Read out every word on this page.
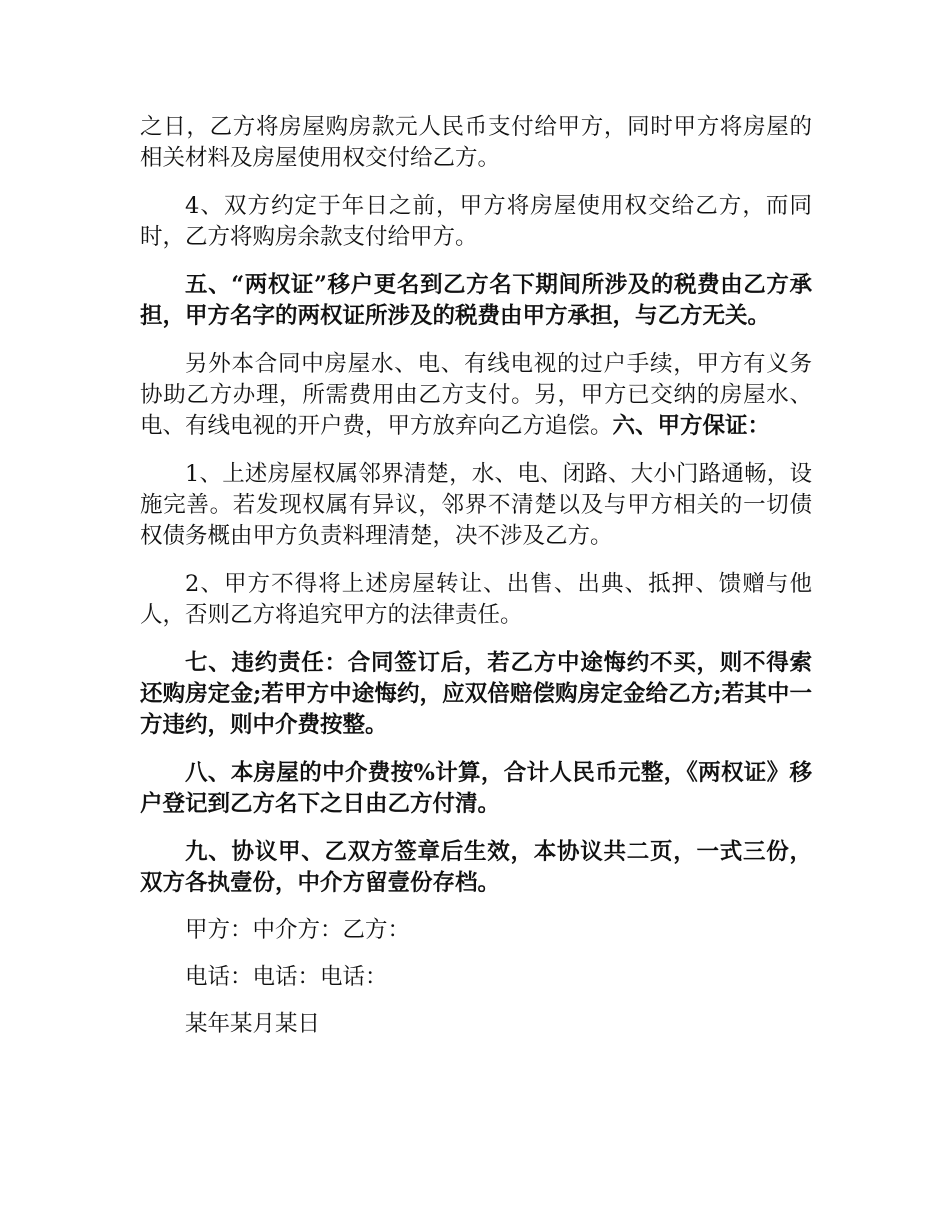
之日，乙方将房屋购房款元人民币支付给甲方，同时甲方将房屋的相关材料及房屋使用权交付给乙方。

4、双方约定于年日之前，甲方将房屋使用权交给乙方，而同时，乙方将购房余款支付给甲方。

五、“两权证”移户更名到乙方名下期间所涉及的税费由乙方承担，甲方名字的两权证所涉及的税费由甲方承担，与乙方无关。

另外本合同中房屋水、电、有线电视的过户手续，甲方有义务协助乙方办理，所需费用由乙方支付。另，甲方已交纳的房屋水、电、有线电视的开户费，甲方放弃向乙方追偿。六、甲方保证：

1、上述房屋权属邻界清楚，水、电、闭路、大小门路通畅，设施完善。若发现权属有异议，邻界不清楚以及与甲方相关的一切债权债务概由甲方负责料理清楚，决不涉及乙方。

2、甲方不得将上述房屋转让、出售、出典、抵押、馈赠与他人，否则乙方将追究甲方的法律责任。

七、违约责任：合同签订后，若乙方中途悔约不买，则不得索还购房定金;若甲方中途悔约，应双倍赔偿购房定金给乙方;若其中一方违约，则中介费按整。

八、本房屋的中介费按%计算，合计人民币元整，《两权证》移户登记到乙方名下之日由乙方付清。

九、协议甲、乙双方签章后生效，本协议共二页，一式三份，双方各执壹份，中介方留壹份存档。

甲方：中介方：乙方：

电话：电话：电话：

某年某月某日
